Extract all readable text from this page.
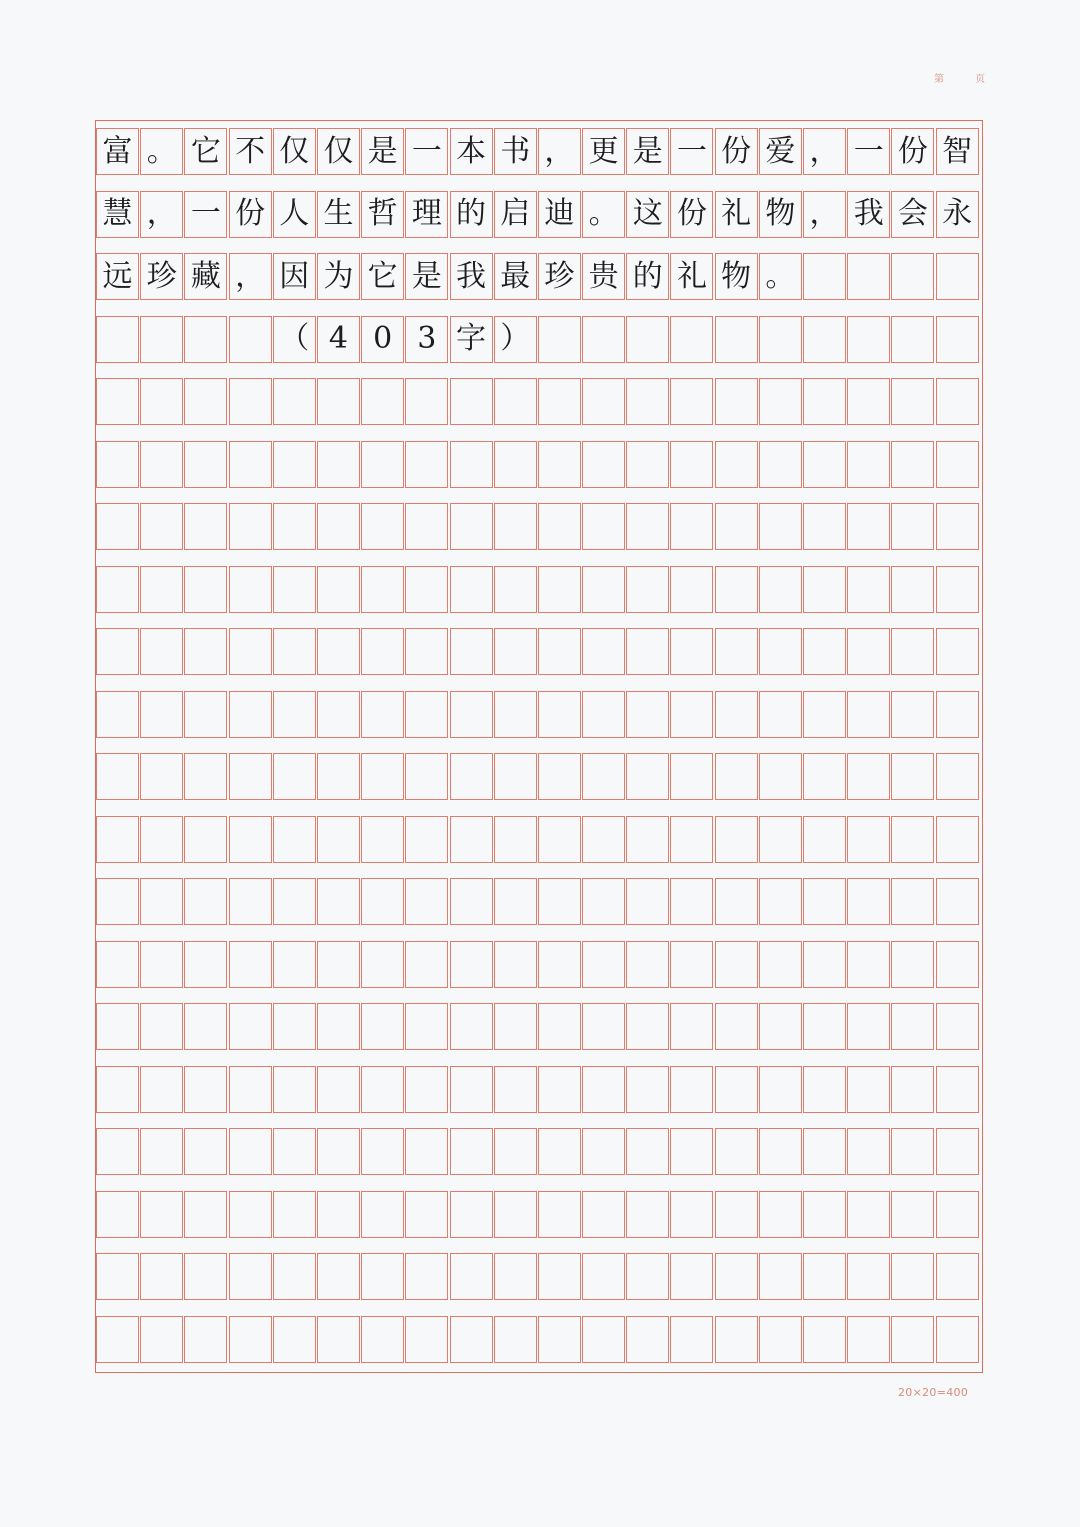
第 页
富 。 它 不 仅 仅 是 一 本 书 ， 更 是 一 份 爱 ， 一 份 智
慧 ， 一 份 人 生 哲 理 的 启 迪 。 这 份 礼 物 ， 我 会 永
远 珍 藏 ， 因 为 它 是 我 最 珍 贵 的 礼 物 。
（ 4 0 3 字 ）
20×20=400
